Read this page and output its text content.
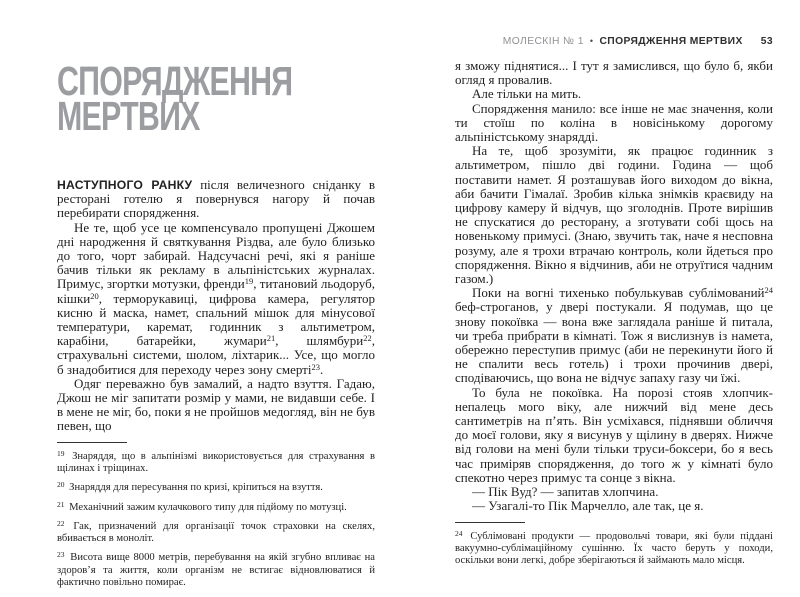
СПОРЯДЖЕННЯ
МЕРТВИХ

НАСТУПНОГО РАНКУ після величезного сніданку в ресторані готелю я повернувся нагору й почав перебирати спорядження.

Не те, щоб усе це компенсувало пропущені Джошем дні народження й святкування Різдва, але було близько до того, чорт забирай. Надсучасні речі, які я раніше бачив тільки як рекламу в альпіністських журналах. Примус, згортки мотузки, френди$^{19}$, титановий льодоруб, кішки$^{20}$, терморукавиці, цифрова камера, регулятор кисню й маска, намет, спальний мішок для мінусової температури, каремат, годинник з альтиметром, карабіни, батарейки, жумари$^{21}$, шлямбури$^{22}$, страхувальні системи, шолом, ліхтарик... Усе, що могло б знадобитися для переходу через зону смерті$^{23}$.

Одяг переважно був замалий, а надто взуття. Гадаю, Джош не міг запитати розмір у мами, не видавши себе. І в мене не міг, бо, поки я не пройшов медогляд, він не був певен, що

$^{19}$ Знаряддя, що в альпінізмі використовується для страхування в щілинах і тріщинах.

$^{20}$ Знаряддя для пересування по кризі, кріпиться на взуття.

$^{21}$ Механічний зажим кулачкового типу для підйому по мотузці.

$^{22}$ Гак, призначений для організації точок страховки на скелях, вбивається в моноліт.

$^{23}$ Висота вище 8000 метрів, перебування на якій згубно впливає на здоров’я та життя, коли організм не встигає відновлюватися й фактично повільно помирає.

МОЛЕСКІН № 1 • СПОРЯДЖЕННЯ МЕРТВИХ 53

я зможу піднятися... І тут я замислився, що було б, якби огляд я провалив.

Але тільки на мить.

Спорядження манило: все інше не має значення, коли ти стоїш по коліна в новісінькому дорогому альпіністському знарядді.

На те, щоб зрозуміти, як працює годинник з альтиметром, пішло дві години. Година — щоб поставити намет. Я розташував його виходом до вікна, аби бачити Гімалаї. Зробив кілька знімків краєвиду на цифрову камеру й відчув, що зголоднів. Проте вирішив не спускатися до ресторану, а зготувати собі щось на новенькому примусі. (Знаю, звучить так, наче я несповна розуму, але я трохи втрачаю контроль, коли йдеться про спорядження. Вікно я відчинив, аби не отруїтися чадним газом.)

Поки на вогні тихенько побулькував сублімований$^{24}$ беф-строганов, у двері постукали. Я подумав, що це знову покоївка — вона вже заглядала раніше й питала, чи треба прибрати в кімнаті. Тож я вислизнув із намета, обережно переступив примус (аби не перекинути його й не спалити весь готель) і трохи прочинив двері, сподіваючись, що вона не відчує запаху газу чи їжі.

То була не покоївка. На порозі стояв хлопчик-непалець мого віку, але нижчий від мене десь сантиметрів на п’ять. Він усміхався, піднявши обличчя до моєї голови, яку я висунув у щілину в дверях. Нижче від голови на мені були тільки труси-боксери, бо я весь час приміряв спорядження, до того ж у кімнаті було спекотно через примус та сонце з вікна.

— Пік Вуд? — запитав хлопчина.

— Узагалі-то Пік Марчелло, але так, це я.

$^{24}$ Сублімовані продукти — продовольчі товари, які були піддані вакуумно-сублімаційному сушінню. Їх часто беруть у походи, оскільки вони легкі, добре зберігаються й займають мало місця.
